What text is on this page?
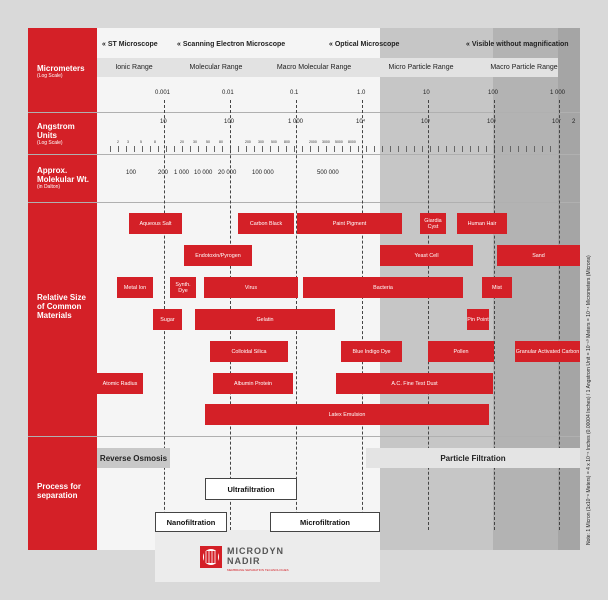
Micrometers
(Log Scale)
Angstrom Units
(Log Scale)
Approx. Molekular Wt.
(in Dalton)
Relative Size of Common Materials
Process for separation
« ST Microscope	« Scanning Electron Microscope	« Optical Microscope	« Visible without magnification
Ionic Range	Molecular Range	Macro Molecular Range	Micro Particle Range	Macro Particle Range
0.001	0.01	0.1	1.0	10	100	1 000
10	100	1 000	10⁴	10⁵	10⁶	10⁷ 2
2 3	5	8	20	30	50	80	200 300 500 800	2000 3000 5000 8000
100	200 1 000 10 000 20 000	100 000	500 000
Aqueous Salt	Carbon Black	Paint Pigment	Giardia Cyst	Human Hair
Endotoxin/Pyrogen	Yeast Cell	Sand
Metal Ion	Synth. Dye	Virus	Bacteria	Mist
Sugar	Gelatin	Pin Point
Colloidal Silica	Blue Indigo Dye	Pollen	Granular Activated Carbon
Atomic Radius	Albumin Protein	A.C. Fine Test Dust
Latex Emulsion
Reverse Osmosis	Particle Filtration
Ultrafiltration
Nanofiltration	Microfiltration
MICRODYN
NADIR
MEMBRANE SEPARATION TECHNOLOGIES
Note: 1 Micron (1x10⁻⁶ Meters) = 4 x 10⁻⁵ Inches (0.00004 Inches) / 1 Angstrom Unit = 10⁻¹⁰ Meters = 10⁻⁴ Micrometers (Microns)
